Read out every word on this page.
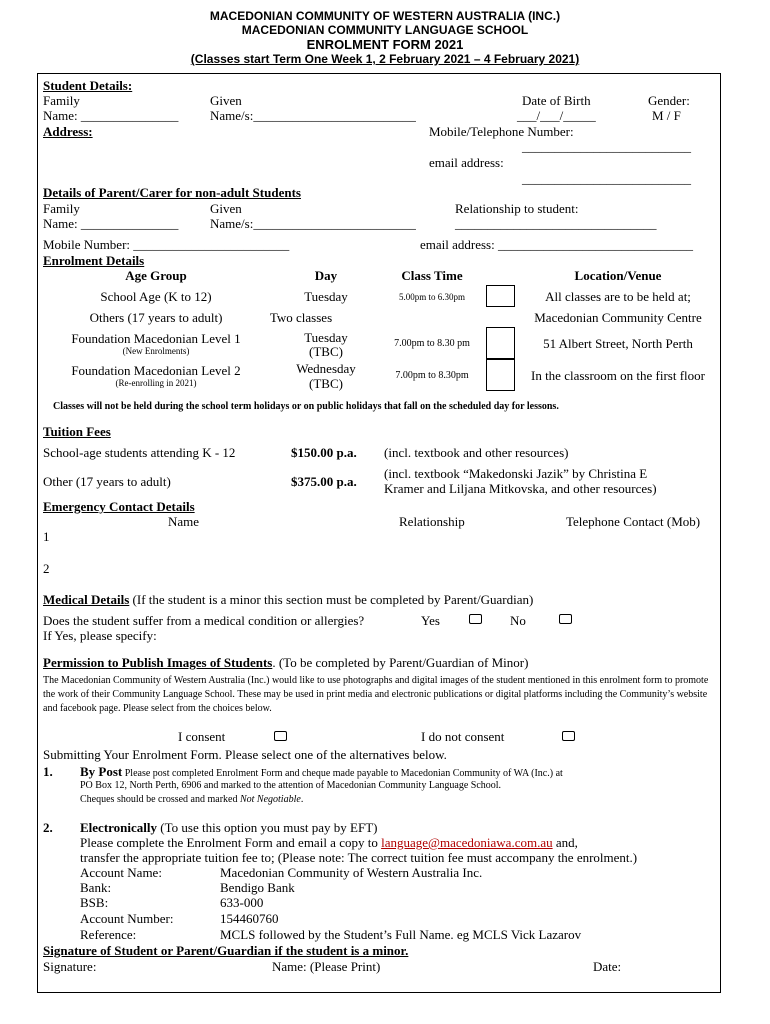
MACEDONIAN COMMUNITY OF WESTERN AUSTRALIA (INC.)
MACEDONIAN COMMUNITY LANGUAGE SCHOOL
ENROLMENT FORM 2021
(Classes start Term One Week 1, 2 February 2021 – 4 February 2021)
Student Details:
Family
Name: _______________
Given
Name/s:_________________________
Date of Birth
___/___/_____
Gender:
M / F
Address:	Mobile/Telephone Number:
__________________________
email address:
__________________________
Details of Parent/Carer for non-adult Students
Family
Name: _______________
Given
Name/s:_________________________
Relationship to student:
_______________________________
Mobile Number: ________________________	email address: ______________________________
Enrolment Details
Age Group	Day	Class Time	Location/Venue
School Age (K to 12)	Tuesday	5.00pm to 6.30pm	All classes are to be held at;
Others (17 years to adult)	Two classes	Macedonian Community Centre
Foundation Macedonian Level 1
(New Enrolments)
Tuesday
(TBC)
7.00pm to 8.30 pm	51 Albert Street, North Perth
Foundation Macedonian Level 2
(Re-enrolling in 2021)
Wednesday
(TBC)
7.00pm to 8.30pm	In the classroom on the first floor
Classes will not be held during the school term holidays or on public holidays that fall on the scheduled day for lessons.
Tuition Fees
School-age students attending K - 12	$150.00 p.a. (incl. textbook and other resources)
Other (17 years to adult)	$375.00 p.a.
(incl. textbook “Makedonski Jazik” by Christina E
Kramer and Liljana Mitkovska, and other resources)
Emergency Contact Details
Name	Relationship	Telephone Contact (Mob)
1
2
Medical Details (If the student is a minor this section must be completed by Parent/Guardian)
Does the student suffer from a medical condition or allergies?	Yes	No
If Yes, please specify:
Permission to Publish Images of Students. (To be completed by Parent/Guardian of Minor)
The Macedonian Community of Western Australia (Inc.) would like to use photographs and digital images of the student mentioned in this enrolment form to promote the work of their Community Language School. These may be used in print media and electronic publications or digital platforms including the Community’s website and facebook page. Please select from the choices below.
I consent	I do not consent
Submitting Your Enrolment Form. Please select one of the alternatives below.
1. By Post Please post completed Enrolment Form and cheque made payable to Macedonian Community of WA (Inc.) at
PO Box 12, North Perth, 6906 and marked to the attention of Macedonian Community Language School.
Cheques should be crossed and marked Not Negotiable.
2. Electronically (To use this option you must pay by EFT)
Please complete the Enrolment Form and email a copy to language@macedoniawa.com.au and,
transfer the appropriate tuition fee to; (Please note: The correct tuition fee must accompany the enrolment.)
Account Name:	Macedonian Community of Western Australia Inc.
Bank:	Bendigo Bank
BSB:	633-000
Account Number:	154460760
Reference:	MCLS followed by the Student’s Full Name. eg MCLS Vick Lazarov
Signature of Student or Parent/Guardian if the student is a minor.
Signature:	Name: (Please Print)	Date:
